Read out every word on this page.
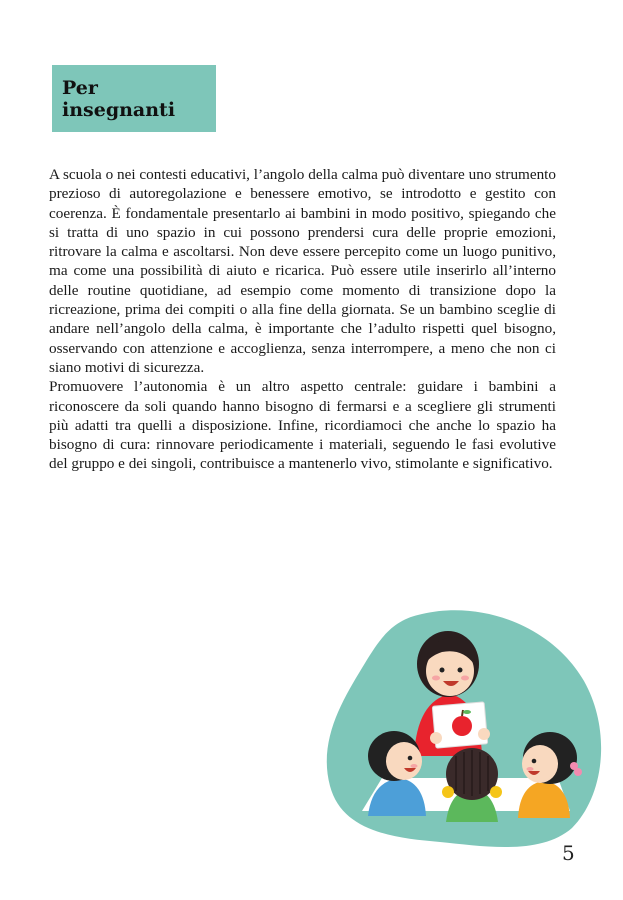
Per insegnanti

A scuola o nei contesti educativi, l’angolo della calma può diventare uno strumento prezioso di autoregolazione e benessere emotivo, se introdotto e gestito con coerenza. È fondamentale presentarlo ai bambini in modo positivo, spiegando che si tratta di uno spazio in cui possono prendersi cura delle proprie emozioni, ritrovare la calma e ascoltarsi. Non deve essere percepito come un luogo punitivo, ma come una possibilità di aiuto e ricarica. Può essere utile inserirlo all’interno delle routine quotidiane, ad esempio come momento di transizione dopo la ricreazione, prima dei compiti o alla fine della giornata. Se un bambino sceglie di andare nell’angolo della calma, è importante che l’adulto rispetti quel bisogno, osservando con attenzione e accoglienza, senza interrompere, a meno che non ci siano motivi di sicurezza.

Promuovere l’autonomia è un altro aspetto centrale: guidare i bambini a riconoscere da soli quando hanno bisogno di fermarsi e a scegliere gli strumenti più adatti tra quelli a disposizione. Infine, ricordiamoci che anche lo spazio ha bisogno di cura: rinnovare periodicamente i materiali, seguendo le fasi evolutive del gruppo e dei singoli, contribuisce a mantenerlo vivo, stimolante e significativo.

5
